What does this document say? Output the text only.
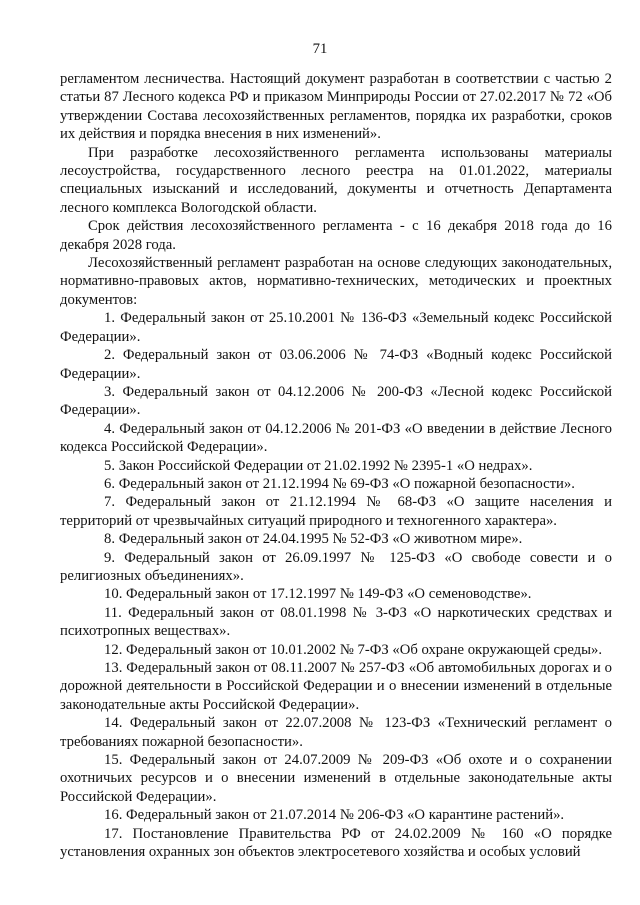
71

регламентом лесничества. Настоящий документ разработан в соответствии с частью 2 статьи 87 Лесного кодекса РФ и приказом Минприроды России от 27.02.2017 № 72 «Об утверждении Состава лесохозяйственных регламентов, порядка их разработки, сроков их действия и порядка внесения в них изменений».

При разработке лесохозяйственного регламента использованы материалы лесоустройства, государственного лесного реестра на 01.01.2022, материалы специальных изысканий и исследований, документы и отчетность Департамента лесного комплекса Вологодской области.

Срок действия лесохозяйственного регламента - с 16 декабря 2018 года до 16 декабря 2028 года.

Лесохозяйственный регламент разработан на основе следующих законодательных, нормативно-правовых актов, нормативно-технических, методических и проектных документов:

1. Федеральный закон от 25.10.2001 № 136-ФЗ «Земельный кодекс Российской Федерации».

2. Федеральный закон от 03.06.2006 № 74-ФЗ «Водный кодекс Российской Федерации».

3. Федеральный закон от 04.12.2006 № 200-ФЗ «Лесной кодекс Российской Федерации».

4. Федеральный закон от 04.12.2006 № 201-ФЗ «О введении в действие Лесного кодекса Российской Федерации».

5. Закон Российской Федерации от 21.02.1992 № 2395-1 «О недрах».

6. Федеральный закон от 21.12.1994 № 69-ФЗ «О пожарной безопасности».

7. Федеральный закон от 21.12.1994 № 68-ФЗ «О защите населения и территорий от чрезвычайных ситуаций природного и техногенного характера».

8. Федеральный закон от 24.04.1995 № 52-ФЗ «О животном мире».

9. Федеральный закон от 26.09.1997 № 125-ФЗ «О свободе совести и о религиозных объединениях».

10. Федеральный закон от 17.12.1997 № 149-ФЗ «О семеноводстве».

11. Федеральный закон от 08.01.1998 № 3-ФЗ «О наркотических средствах и психотропных веществах».

12. Федеральный закон от 10.01.2002 № 7-ФЗ «Об охране окружающей среды».

13. Федеральный закон от 08.11.2007 № 257-ФЗ «Об автомобильных дорогах и о дорожной деятельности в Российской Федерации и о внесении изменений в отдельные законодательные акты Российской Федерации».

14. Федеральный закон от 22.07.2008 № 123-ФЗ «Технический регламент о требованиях пожарной безопасности».

15. Федеральный закон от 24.07.2009 № 209-ФЗ «Об охоте и о сохранении охотничьих ресурсов и о внесении изменений в отдельные законодательные акты Российской Федерации».

16. Федеральный закон от 21.07.2014 № 206-ФЗ «О карантине растений».

17. Постановление Правительства РФ от 24.02.2009 № 160 «О порядке установления охранных зон объектов электросетевого хозяйства и особых условий
